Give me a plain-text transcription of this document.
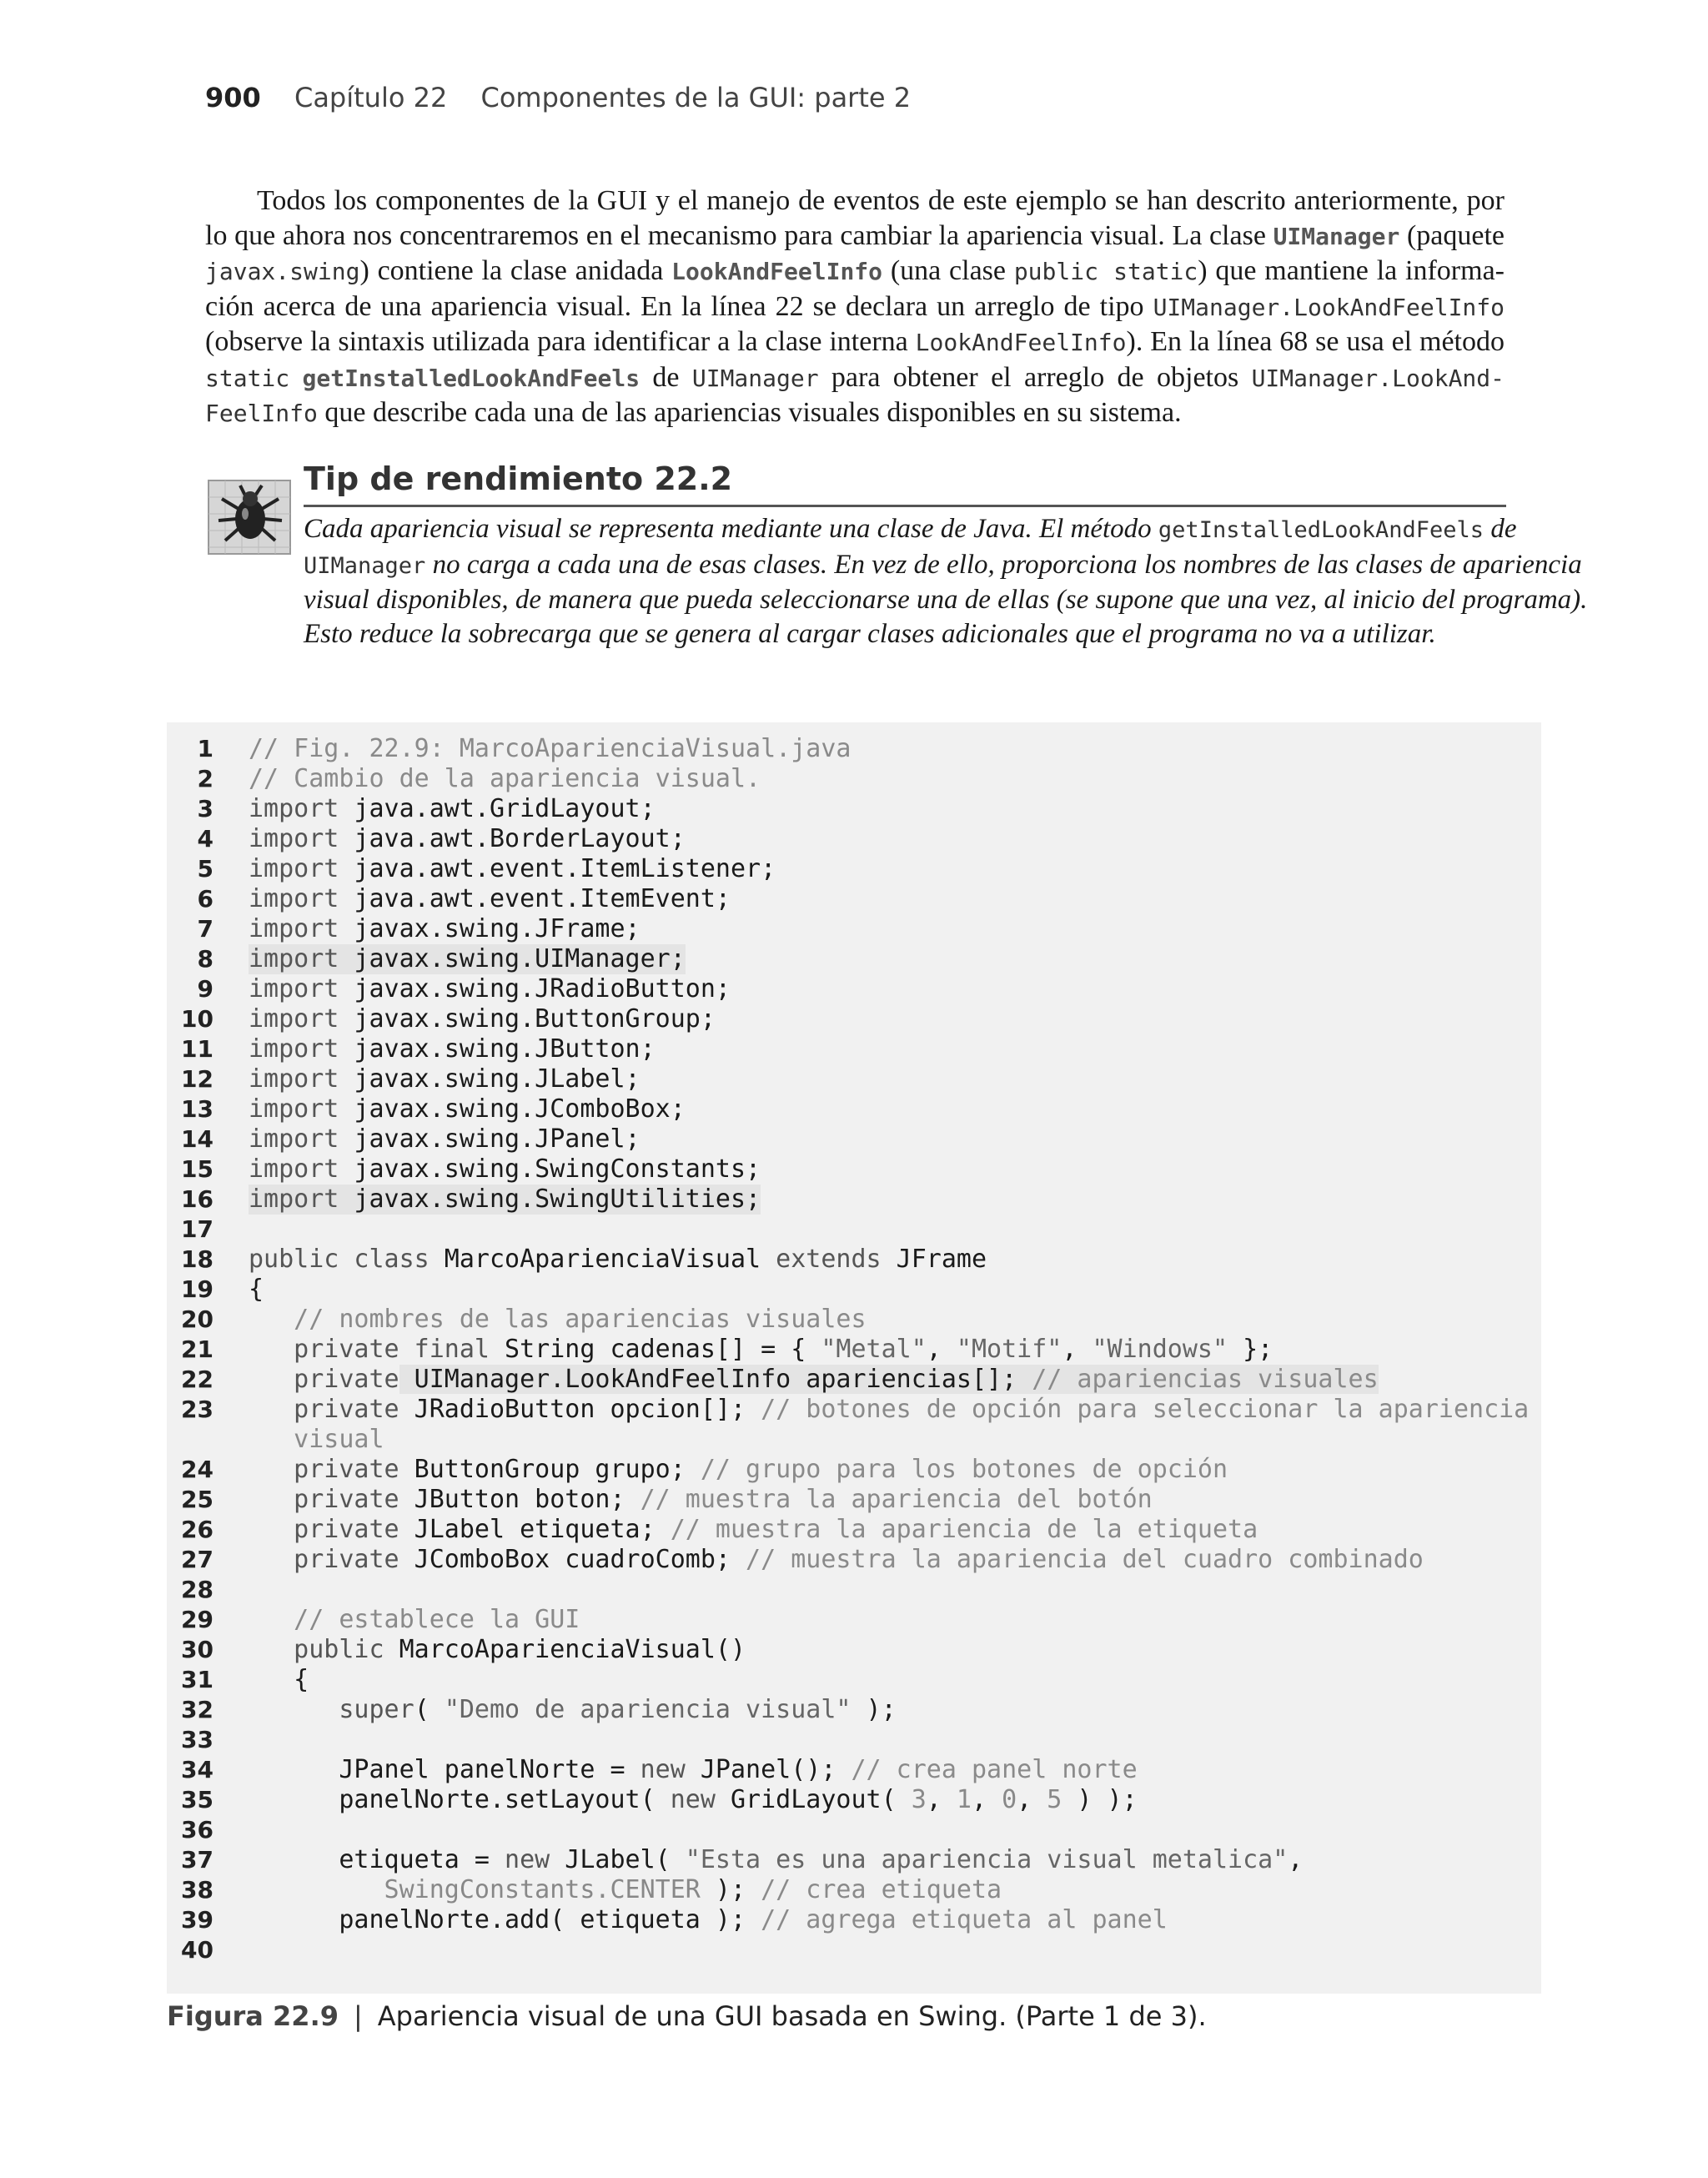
900 Capítulo 22 Componentes de la GUI: parte 2
Todos los componentes de la GUI y el manejo de eventos de este ejemplo se han descrito anteriormente, por
lo que ahora nos concentraremos en el mecanismo para cambiar la apariencia visual. La clase UIManager (paquete
javax.swing) contiene la clase anidada LookAndFeelInfo (una clase public static) que mantiene la informa-
ción acerca de una apariencia visual. En la línea 22 se declara un arreglo de tipo UIManager.LookAndFeelInfo
(observe la sintaxis utilizada para identificar a la clase interna LookAndFeelInfo). En la línea 68 se usa el método
static getInstalledLookAndFeels de UIManager para obtener el arreglo de objetos UIManager.LookAnd-
FeelInfo que describe cada una de las apariencias visuales disponibles en su sistema.
Tip de rendimiento 22.2
Cada apariencia visual se representa mediante una clase de Java. El método getInstalledLookAndFeels de
UIManager no carga a cada una de esas clases. En vez de ello, proporciona los nombres de las clases de apariencia
visual disponibles, de manera que pueda seleccionarse una de ellas (se supone que una vez, al inicio del programa).
Esto reduce la sobrecarga que se genera al cargar clases adicionales que el programa no va a utilizar.
1 // Fig. 22.9: MarcoAparienciaVisual.java
2 // Cambio de la apariencia visual.
3 import java.awt.GridLayout;
4 import java.awt.BorderLayout;
5 import java.awt.event.ItemListener;
6 import java.awt.event.ItemEvent;
7 import javax.swing.JFrame;
8 import javax.swing.UIManager;
9 import javax.swing.JRadioButton;
10 import javax.swing.ButtonGroup;
11 import javax.swing.JButton;
12 import javax.swing.JLabel;
13 import javax.swing.JComboBox;
14 import javax.swing.JPanel;
15 import javax.swing.SwingConstants;
16 import javax.swing.SwingUtilities;
17
18 public class MarcoAparienciaVisual extends JFrame
19 {
20 // nombres de las apariencias visuales
21 private final String cadenas[] = { "Metal", "Motif", "Windows" };
22 private UIManager.LookAndFeelInfo apariencias[]; // apariencias visuales
23 private JRadioButton opcion[]; // botones de opción para seleccionar la apariencia
visual
24 private ButtonGroup grupo; // grupo para los botones de opción
25 private JButton boton; // muestra la apariencia del botón
26 private JLabel etiqueta; // muestra la apariencia de la etiqueta
27 private JComboBox cuadroComb; // muestra la apariencia del cuadro combinado
28
29 // establece la GUI
30 public MarcoAparienciaVisual()
31 {
32 super( "Demo de apariencia visual" );
33
34 JPanel panelNorte = new JPanel(); // crea panel norte
35 panelNorte.setLayout( new GridLayout( 3, 1, 0, 5 ) );
36
37 etiqueta = new JLabel( "Esta es una apariencia visual metalica",
38 SwingConstants.CENTER ); // crea etiqueta
39 panelNorte.add( etiqueta ); // agrega etiqueta al panel
40
Figura 22.9 | Apariencia visual de una GUI basada en Swing. (Parte 1 de 3).
